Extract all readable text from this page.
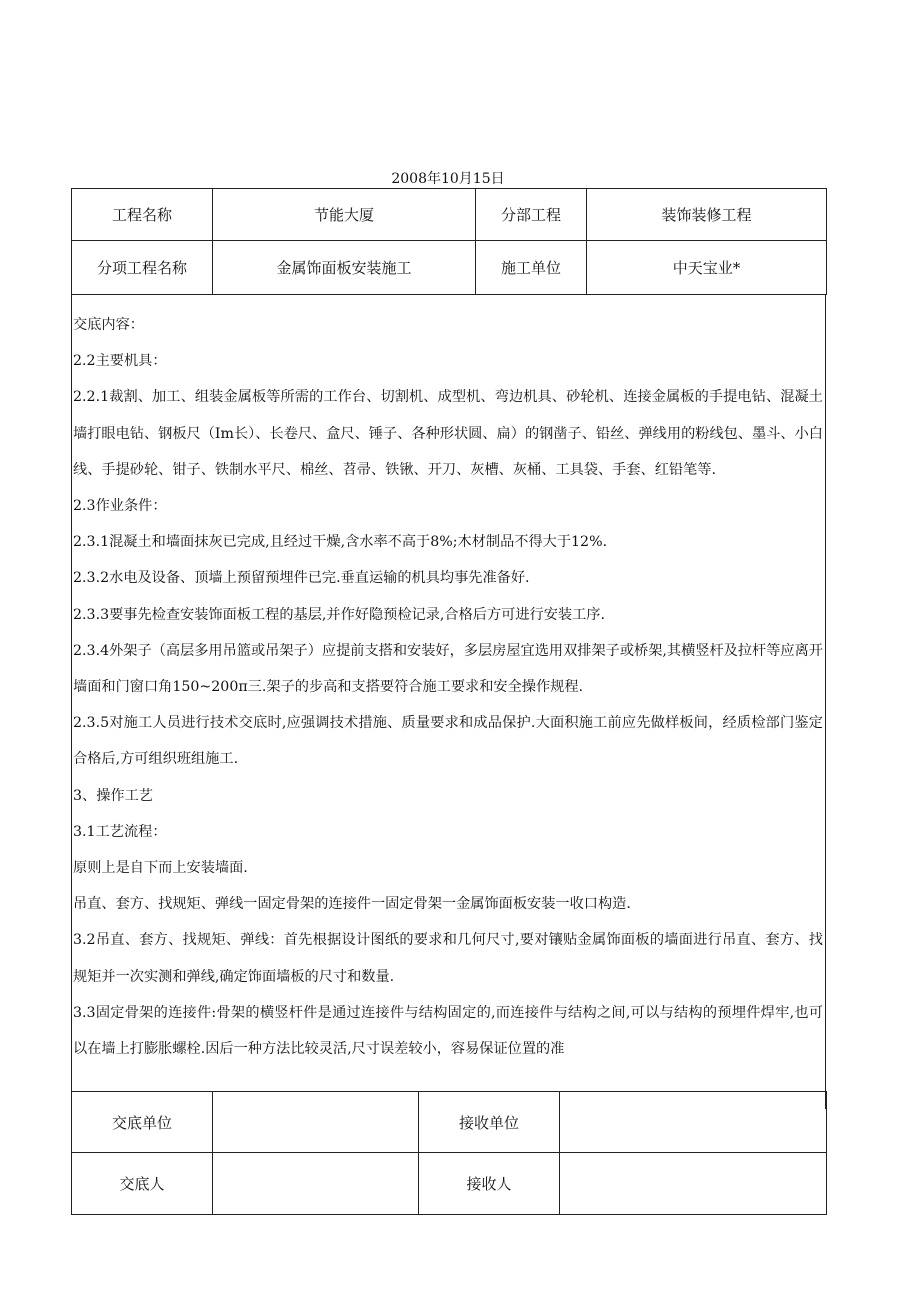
2008年10月15日
工程名称	节能大厦	分部工程	装饰装修工程
分项工程名称	金属饰面板安装施工	施工单位	中天宝业*

交底内容：

2.2主要机具：

2.2.1裁割、加工、组装金属板等所需的工作台、切割机、成型机、弯边机具、砂轮机、连接金属板的手提电钻、混凝土墙打眼电钻、钢板尺（Im长）、长卷尺、盒尺、锤子、各种形状圆、扁）的钢凿子、铅丝、弹线用的粉线包、墨斗、小白线、手提砂轮、钳子、铁制水平尺、棉丝、苕帚、铁锹、开刀、灰槽、灰桶、工具袋、手套、红铅笔等.

2.3作业条件：

2.3.1混凝土和墙面抹灰已完成,且经过干燥,含水率不高于8%;木材制品不得大于12%.

2.3.2水电及设备、顶墙上预留预埋件已完.垂直运输的机具均事先准备好.

2.3.3要事先检查安装饰面板工程的基层,并作好隐预检记录,合格后方可进行安装工序.

2.3.4外架子（高层多用吊篮或吊架子）应提前支搭和安装好，多层房屋宜选用双排架子或桥架,其横竖杆及拉杆等应离开墙面和门窗口角150~200π三.架子的步高和支搭要符合施工要求和安全操作规程.

2.3.5对施工人员进行技术交底时,应强调技术措施、质量要求和成品保护.大面积施工前应先做样板间，经质检部门鉴定合格后,方可组织班组施工.

3、操作工艺

3.1工艺流程：

原则上是自下而上安装墙面.

吊直、套方、找规矩、弹线一固定骨架的连接件一固定骨架一金属饰面板安装一收口构造.

3.2吊直、套方、找规矩、弹线：首先根据设计图纸的要求和几何尺寸,要对镶贴金属饰面板的墙面进行吊直、套方、找规矩并一次实测和弹线,确定饰面墙板的尺寸和数量.

3.3固定骨架的连接件:骨架的横竖杆件是通过连接件与结构固定的,而连接件与结构之间,可以与结构的预埋件焊牢,也可以在墙上打膨胀螺栓.因后一种方法比较灵活,尺寸误差较小，容易保证位置的准

交底单位		接收单位	
交底人		接收人	
